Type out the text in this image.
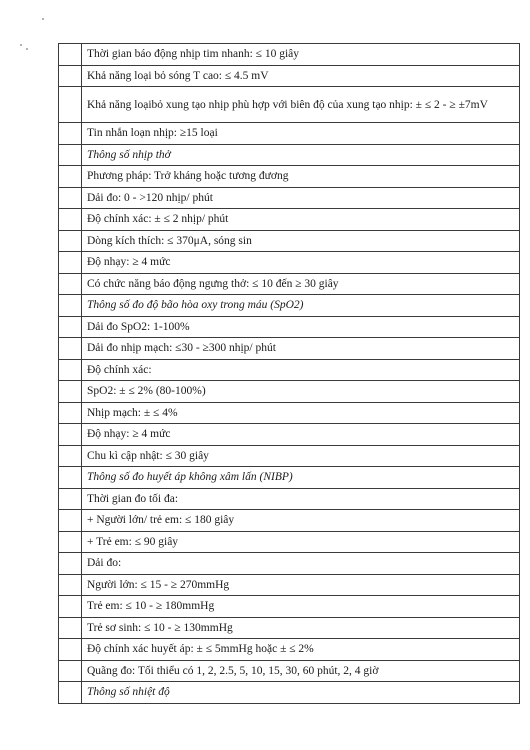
	Thời gian báo động nhịp tim nhanh: ≤ 10 giây
	Khả năng loại bỏ sóng T cao: ≤ 4.5 mV
	Khả năng loạibỏ xung tạo nhịp phù hợp với biên độ của xung tạo nhịp: ± ≤ 2 - ≥ ±7mV
	Tin nhắn loạn nhịp: ≥15 loại
	Thông số nhịp thở
	Phương pháp: Trở kháng hoặc tương đương
	Dải đo: 0 - >120 nhịp/ phút
	Độ chính xác: ± ≤ 2 nhịp/ phút
	Dòng kích thích: ≤ 370μA, sóng sin
	Độ nhạy: ≥ 4 mức
	Có chức năng báo động ngưng thở: ≤ 10 đến ≥ 30 giây
	Thông số đo độ bão hòa oxy trong máu (SpO2)
	Dải đo SpO2: 1-100%
	Dải đo nhịp mạch: ≤30 - ≥300 nhịp/ phút
	Độ chính xác:
	SpO2: ± ≤ 2% (80-100%)
	Nhịp mạch: ± ≤ 4%
	Độ nhạy: ≥ 4 mức
	Chu kì cập nhật: ≤ 30 giây
	Thông số đo huyết áp không xâm lấn (NIBP)
	Thời gian đo tối đa:
	+ Người lớn/ trẻ em: ≤ 180 giây
	+ Trẻ em: ≤ 90 giây
	Dải đo:
	Người lớn: ≤ 15 - ≥ 270mmHg
	Trẻ em: ≤ 10 - ≥ 180mmHg
	Trẻ sơ sinh: ≤ 10 - ≥ 130mmHg
	Độ chính xác huyết áp: ± ≤ 5mmHg hoặc ± ≤ 2%
	Quãng đo: Tối thiểu có 1, 2, 2.5, 5, 10, 15, 30, 60 phút, 2, 4 giờ
	Thông số nhiệt độ
